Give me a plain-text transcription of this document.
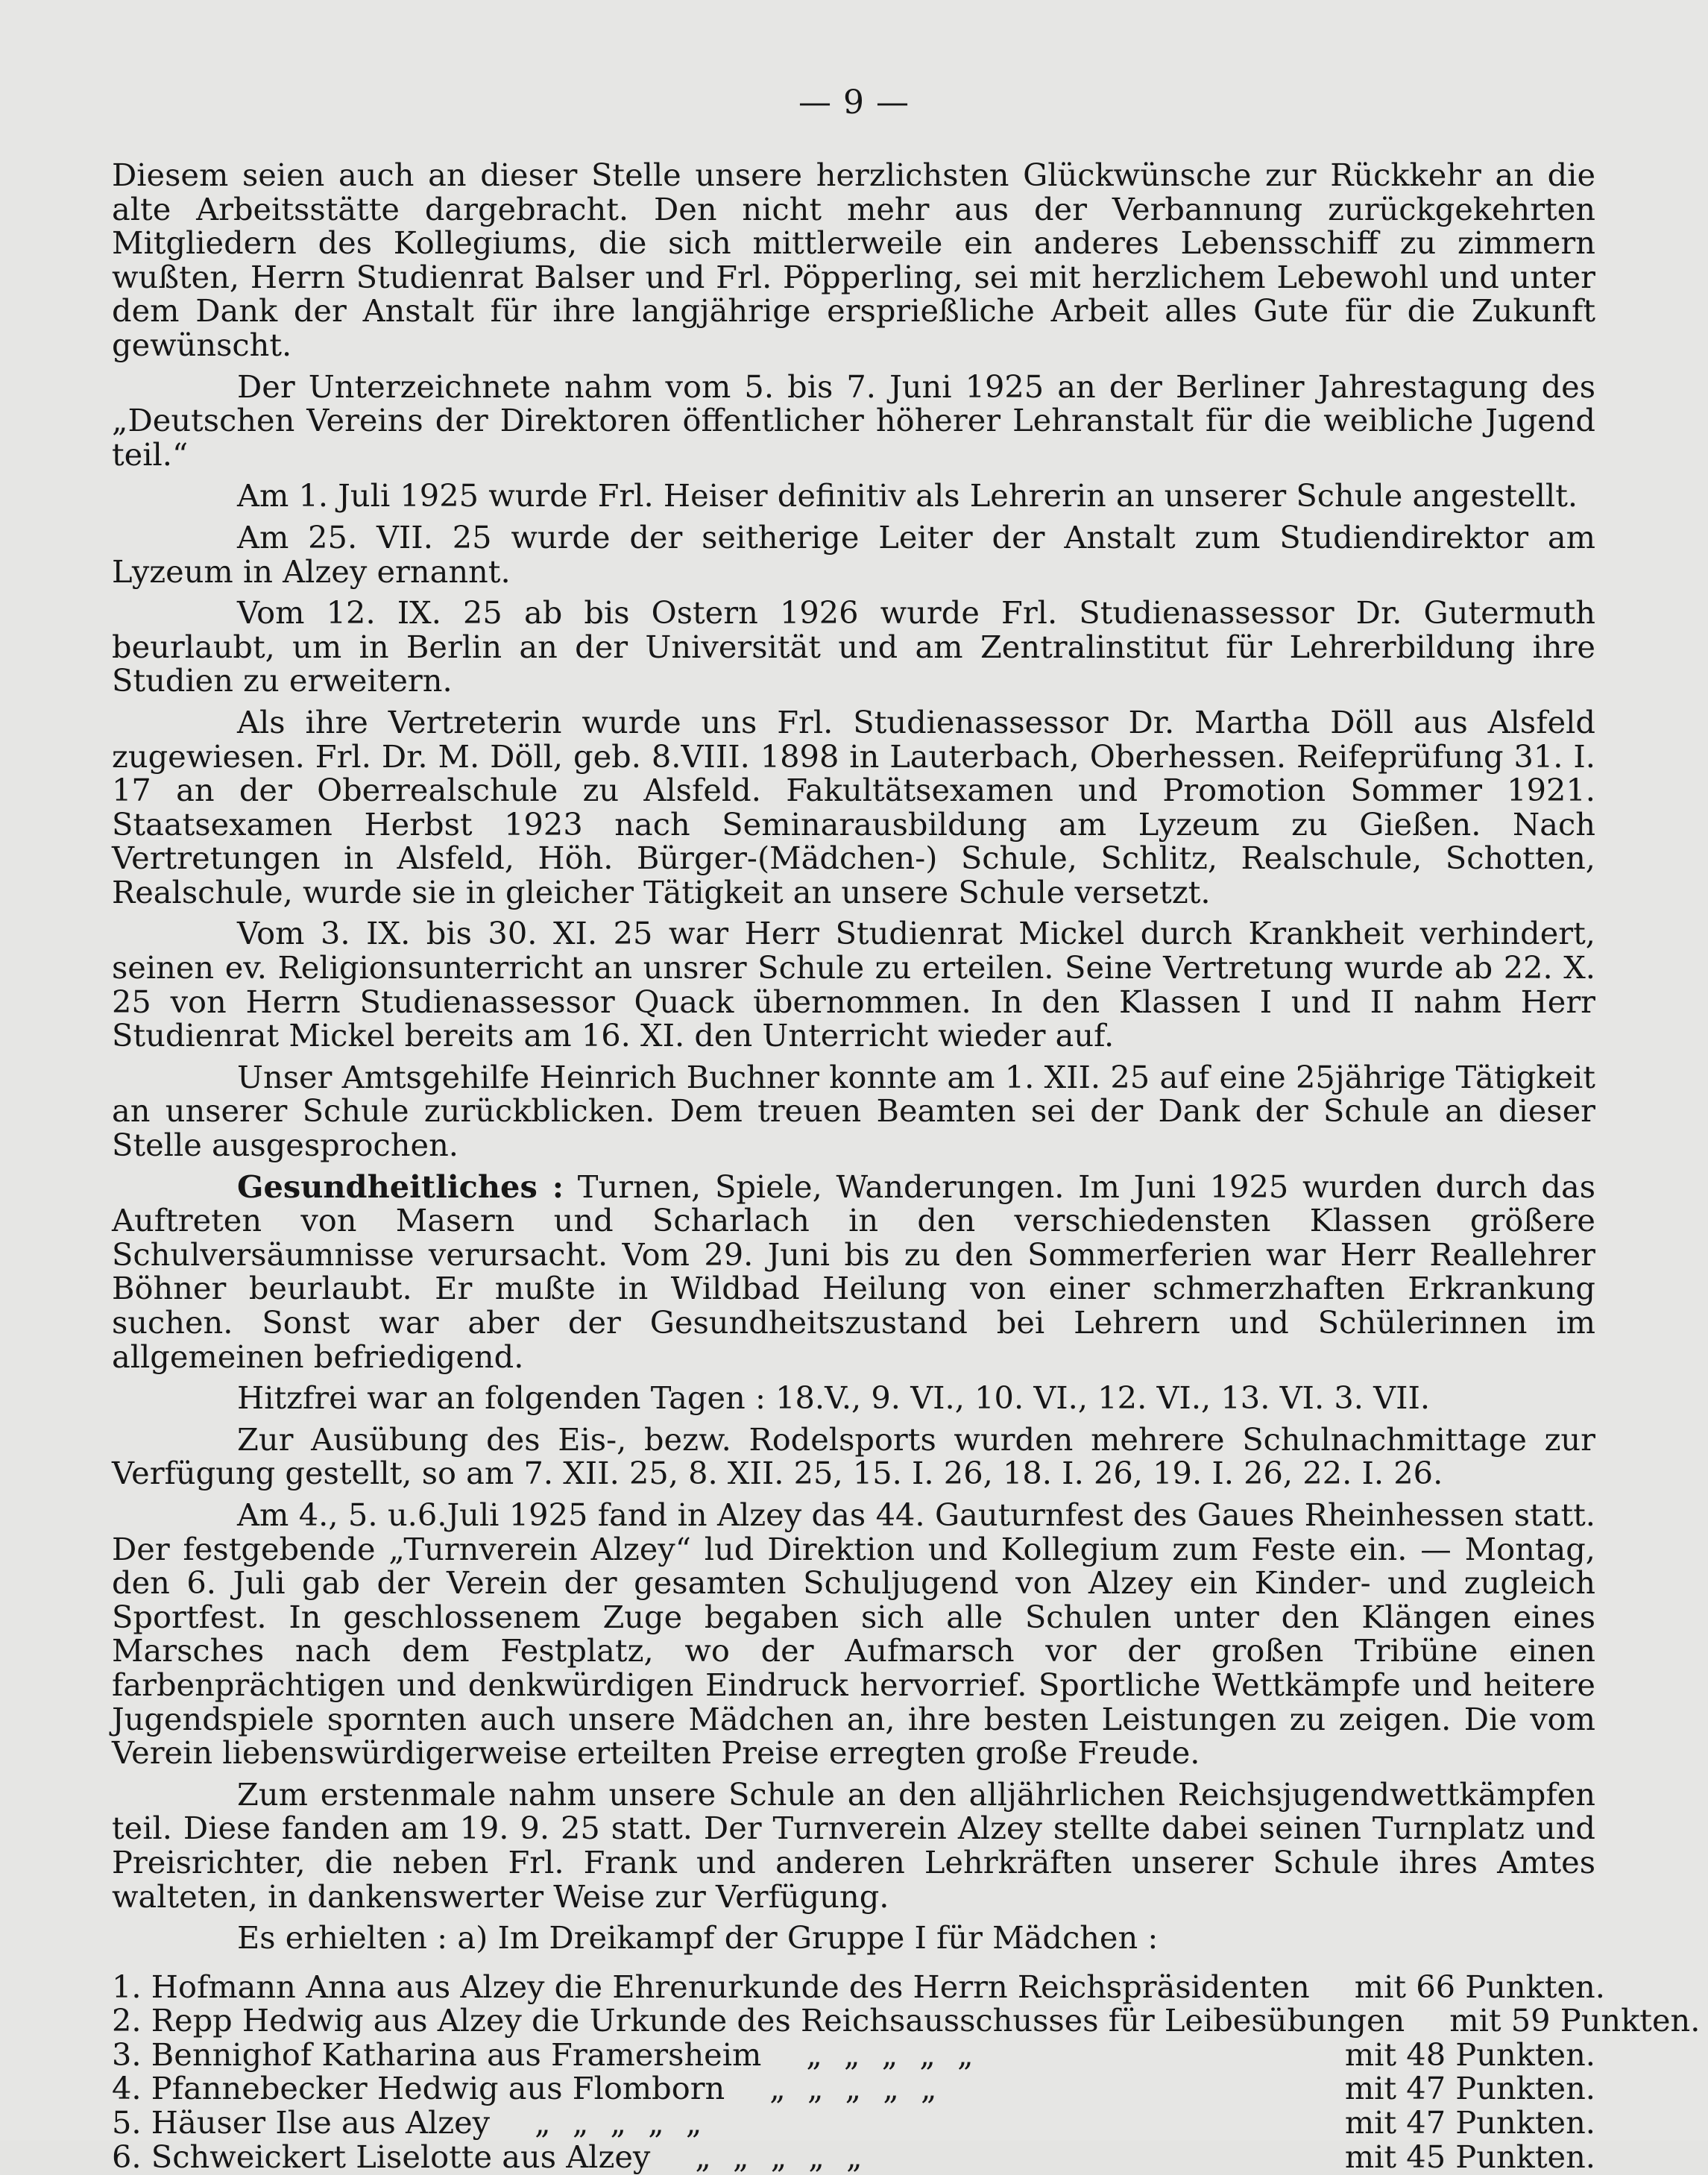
— 9 —

Diesem seien auch an dieser Stelle unsere herzlichsten Glückwünsche zur Rückkehr an die alte Arbeitsstätte dargebracht. Den nicht mehr aus der Verbannung zurückgekehrten Mitgliedern des Kollegiums, die sich mittlerweile ein anderes Lebensschiff zu zimmern wußten, Herrn Studienrat Balser und Frl. Pöpperling, sei mit herzlichem Lebewohl und unter dem Dank der Anstalt für ihre langjährige ersprießliche Arbeit alles Gute für die Zukunft gewünscht.

Der Unterzeichnete nahm vom 5. bis 7. Juni 1925 an der Berliner Jahrestagung des „Deutschen Vereins der Direktoren öffentlicher höherer Lehranstalt für die weibliche Jugend teil.“

Am 1. Juli 1925 wurde Frl. Heiser definitiv als Lehrerin an unserer Schule angestellt.

Am 25. VII. 25 wurde der seitherige Leiter der Anstalt zum Studiendirektor am Lyzeum in Alzey ernannt.

Vom 12. IX. 25 ab bis Ostern 1926 wurde Frl. Studienassessor Dr. Gutermuth beurlaubt, um in Berlin an der Universität und am Zentralinstitut für Lehrerbildung ihre Studien zu erweitern.

Als ihre Vertreterin wurde uns Frl. Studienassessor Dr. Martha Döll aus Alsfeld zugewiesen. Frl. Dr. M. Döll, geb. 8.VIII. 1898 in Lauterbach, Oberhessen. Reifeprüfung 31. I. 17 an der Oberrealschule zu Alsfeld. Fakultätsexamen und Promotion Sommer 1921. Staatsexamen Herbst 1923 nach Seminarausbildung am Lyzeum zu Gießen. Nach Vertretungen in Alsfeld, Höh. Bürger-(Mädchen-) Schule, Schlitz, Realschule, Schotten, Realschule, wurde sie in gleicher Tätigkeit an unsere Schule versetzt.

Vom 3. IX. bis 30. XI. 25 war Herr Studienrat Mickel durch Krankheit verhindert, seinen ev. Religionsunterricht an unsrer Schule zu erteilen. Seine Vertretung wurde ab 22. X. 25 von Herrn Studienassessor Quack übernommen. In den Klassen I und II nahm Herr Studienrat Mickel bereits am 16. XI. den Unterricht wieder auf.

Unser Amtsgehilfe Heinrich Buchner konnte am 1. XII. 25 auf eine 25jährige Tätigkeit an unserer Schule zurückblicken. Dem treuen Beamten sei der Dank der Schule an dieser Stelle ausgesprochen.

Gesundheitliches : Turnen, Spiele, Wanderungen. Im Juni 1925 wurden durch das Auftreten von Masern und Scharlach in den verschiedensten Klassen größere Schulversäumnisse verursacht. Vom 29. Juni bis zu den Sommerferien war Herr Reallehrer Böhner beurlaubt. Er mußte in Wildbad Heilung von einer schmerzhaften Erkrankung suchen. Sonst war aber der Gesundheitszustand bei Lehrern und Schülerinnen im allgemeinen befriedigend.

Hitzfrei war an folgenden Tagen : 18.V., 9. VI., 10. VI., 12. VI., 13. VI. 3. VII.

Zur Ausübung des Eis-, bezw. Rodelsports wurden mehrere Schulnachmittage zur Verfügung gestellt, so am 7. XII. 25, 8. XII. 25, 15. I. 26, 18. I. 26, 19. I. 26, 22. I. 26.

Am 4., 5. u.6.Juli 1925 fand in Alzey das 44. Gauturnfest des Gaues Rheinhessen statt. Der festgebende „Turnverein Alzey“ lud Direktion und Kollegium zum Feste ein. — Montag, den 6. Juli gab der Verein der gesamten Schuljugend von Alzey ein Kinder- und zugleich Sportfest. In geschlossenem Zuge begaben sich alle Schulen unter den Klängen eines Marsches nach dem Festplatz, wo der Aufmarsch vor der großen Tribüne einen farbenprächtigen und denkwürdigen Eindruck hervorrief. Sportliche Wettkämpfe und heitere Jugendspiele spornten auch unsere Mädchen an, ihre besten Leistungen zu zeigen. Die vom Verein liebenswürdigerweise erteilten Preise erregten große Freude.

Zum erstenmale nahm unsere Schule an den alljährlichen Reichsjugendwettkämpfen teil. Diese fanden am 19. 9. 25 statt. Der Turnverein Alzey stellte dabei seinen Turnplatz und Preisrichter, die neben Frl. Frank und anderen Lehrkräften unserer Schule ihres Amtes walteten, in dankenswerter Weise zur Verfügung.

Es erhielten : a) Im Dreikampf der Gruppe I für Mädchen :

1. Hofmann Anna aus Alzey die Ehrenurkunde des Herrn Reichspräsidenten mit 66 Punkten.
2. Repp Hedwig aus Alzey die Urkunde des Reichsausschusses für Leibesübungen mit 59 Punkten.
3. Bennighof Katharina aus Framersheim	„ „ „ „ „	mit 48 Punkten.
4. Pfannebecker Hedwig aus Flomborn	„ „ „ „ „	mit 47 Punkten.
5. Häuser Ilse aus Alzey	„ „ „ „ „	mit 47 Punkten.
6. Schweickert Liselotte aus Alzey	„ „ „ „ „	mit 45 Punkten.
